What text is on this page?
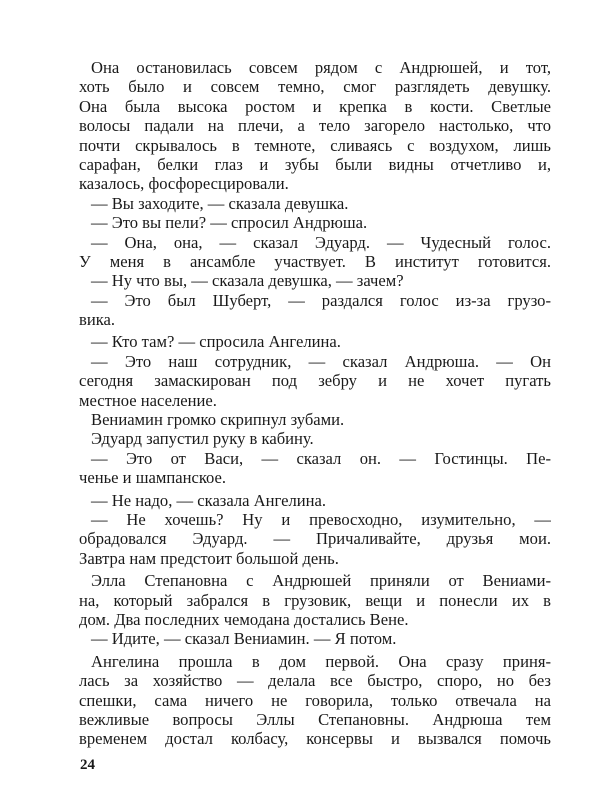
Она остановилась совсем рядом с Андрюшей, и тот,
хоть было и совсем темно, смог разглядеть девушку.
Она была высока ростом и крепка в кости. Светлые
волосы падали на плечи, а тело загорело настолько, что
почти скрывалось в темноте, сливаясь с воздухом, лишь
сарафан, белки глаз и зубы были видны отчетливо и,
казалось, фосфоресцировали.
— Вы заходите, — сказала девушка.
— Это вы пели? — спросил Андрюша.
— Она, она, — сказал Эдуард. — Чудесный голос.
У меня в ансамбле участвует. В институт готовится.
— Ну что вы, — сказала девушка, — зачем?
— Это был Шуберт, — раздался голос из-за грузо-
вика.
— Кто там? — спросила Ангелина.
— Это наш сотрудник, — сказал Андрюша. — Он
сегодня замаскирован под зебру и не хочет пугать
местное население.
Вениамин громко скрипнул зубами.
Эдуард запустил руку в кабину.
— Это от Васи, — сказал он. — Гостинцы. Пе-
ченье и шампанское.
— Не надо, — сказала Ангелина.
— Не хочешь? Ну и превосходно, изумительно, —
обрадовался Эдуард. — Причаливайте, друзья мои.
Завтра нам предстоит большой день.
Элла Степановна с Андрюшей приняли от Вениами-
на, который забрался в грузовик, вещи и понесли их в
дом. Два последних чемодана достались Вене.
— Идите, — сказал Вениамин. — Я потом.
Ангелина прошла в дом первой. Она сразу приня-
лась за хозяйство — делала все быстро, споро, но без
спешки, сама ничего не говорила, только отвечала на
вежливые вопросы Эллы Степановны. Андрюша тем
временем достал колбасу, консервы и вызвался помочь
24
